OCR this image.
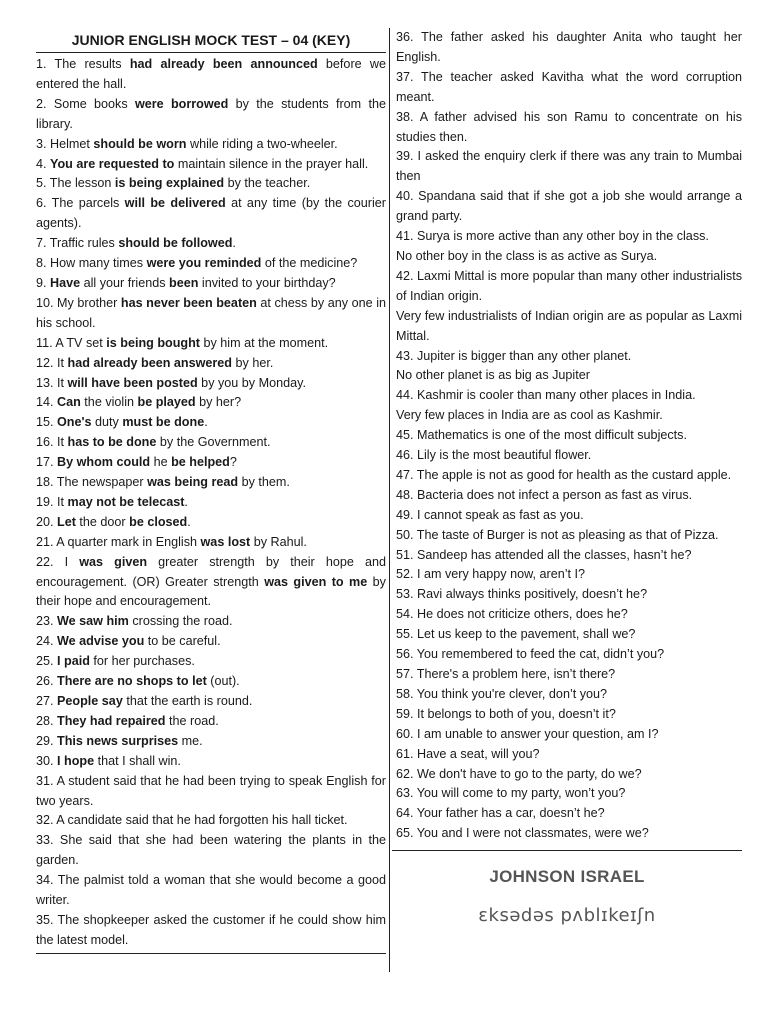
JUNIOR ENGLISH MOCK TEST – 04 (KEY)
1. The results had already been announced before we entered the hall.
2. Some books were borrowed by the students from the library.
3. Helmet should be worn while riding a two-wheeler.
4. You are requested to maintain silence in the prayer hall.
5. The lesson is being explained by the teacher.
6. The parcels will be delivered at any time (by the courier agents).
7. Traffic rules should be followed.
8. How many times were you reminded of the medicine?
9. Have all your friends been invited to your birthday?
10. My brother has never been beaten at chess by any one in his school.
11. A TV set is being bought by him at the moment.
12. It had already been answered by her.
13. It will have been posted by you by Monday.
14. Can the violin be played by her?
15. One's duty must be done.
16. It has to be done by the Government.
17. By whom could he be helped?
18. The newspaper was being read by them.
19. It may not be telecast.
20. Let the door be closed.
21. A quarter mark in English was lost by Rahul.
22. I was given greater strength by their hope and encouragement. (OR) Greater strength was given to me by their hope and encouragement.
23. We saw him crossing the road.
24. We advise you to be careful.
25. I paid for her purchases.
26. There are no shops to let (out).
27. People say that the earth is round.
28. They had repaired the road.
29. This news surprises me.
30. I hope that I shall win.
31. A student said that he had been trying to speak English for two years.
32. A candidate said that he had forgotten his hall ticket.
33. She said that she had been watering the plants in the garden.
34. The palmist told a woman that she would become a good writer.
35. The shopkeeper asked the customer if he could show him the latest model.
36. The father asked his daughter Anita who taught her English.
37. The teacher asked Kavitha what the word corruption meant.
38. A father advised his son Ramu to concentrate on his studies then.
39. I asked the enquiry clerk if there was any train to Mumbai then
40. Spandana said that if she got a job she would arrange a grand party.
41. Surya is more active than any other boy in the class.
No other boy in the class is as active as Surya.
42. Laxmi Mittal is more popular than many other industrialists of Indian origin.
Very few industrialists of Indian origin are as popular as Laxmi Mittal.
43. Jupiter is bigger than any other planet.
No other planet is as big as Jupiter
44. Kashmir is cooler than many other places in India.
Very few places in India are as cool as Kashmir.
45. Mathematics is one of the most difficult subjects.
46. Lily is the most beautiful flower.
47. The apple is not as good for health as the custard apple.
48. Bacteria does not infect a person as fast as virus.
49. I cannot speak as fast as you.
50. The taste of Burger is not as pleasing as that of Pizza.
51. Sandeep has attended all the classes, hasn’t he?
52. I am very happy now, aren’t I?
53. Ravi always thinks positively, doesn’t he?
54. He does not criticize others, does he?
55. Let us keep to the pavement, shall we?
56. You remembered to feed the cat, didn’t you?
57. There's a problem here, isn’t there?
58. You think you're clever, don’t you?
59. It belongs to both of you, doesn’t it?
60. I am unable to answer your question, am I?
61. Have a seat, will you?
62. We don't have to go to the party, do we?
63. You will come to my party, won’t you?
64. Your father has a car, doesn’t he?
65. You and I were not classmates, were we?
JOHNSON ISRAEL
ɛksədəs pʌblɪkeɪʃn
